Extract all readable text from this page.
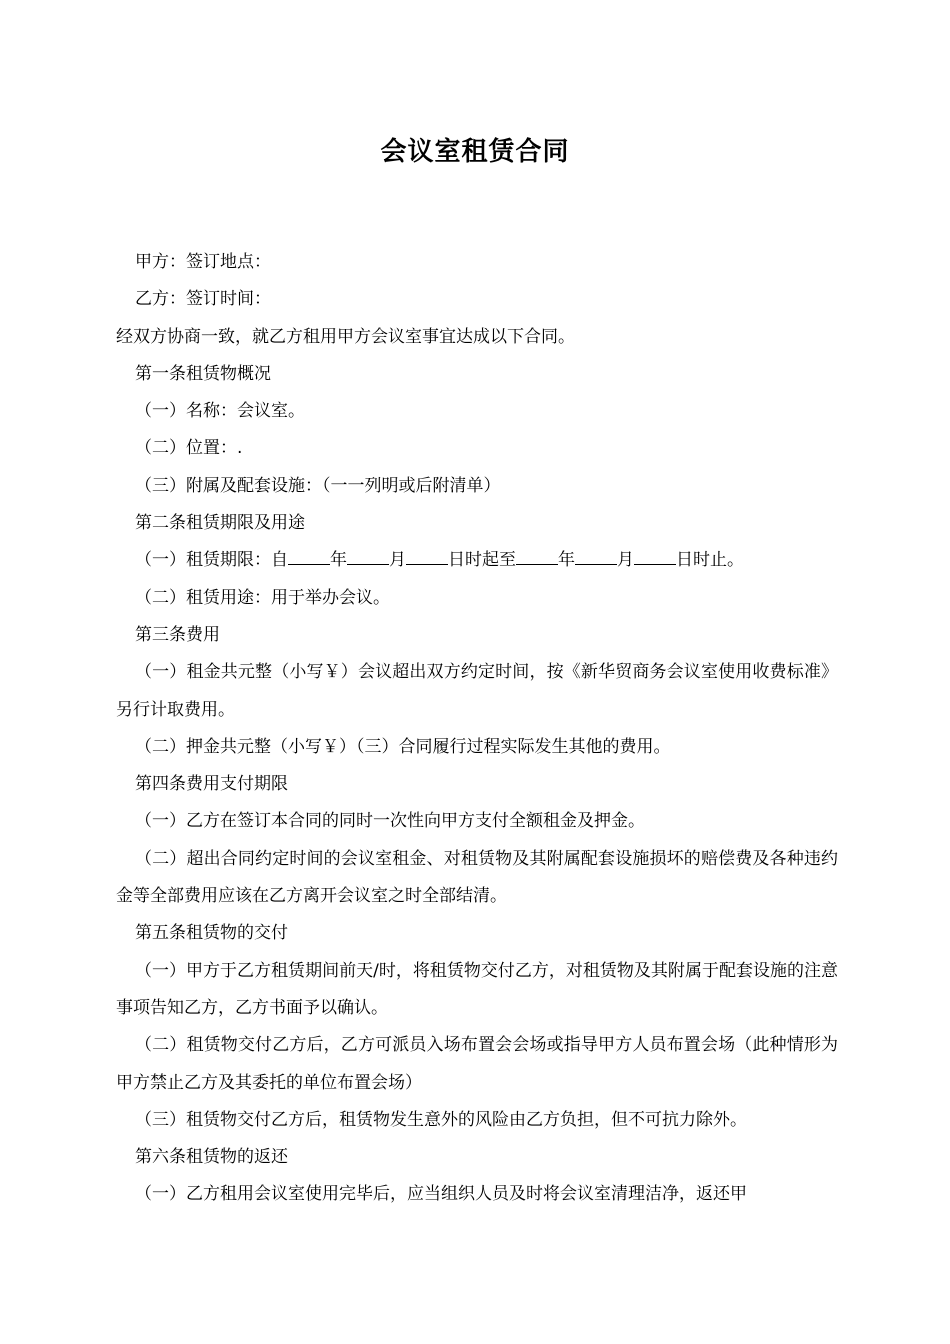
会议室租赁合同

甲方：签订地点：

乙方：签订时间：

经双方协商一致，就乙方租用甲方会议室事宜达成以下合同。

第一条租赁物概况

（一）名称：会议室。

（二）位置：.

（三）附属及配套设施：（一一列明或后附清单）

第二条租赁期限及用途

（一）租赁期限：自 年 月 日时起至 年 月 日时止。

（二）租赁用途：用于举办会议。

第三条费用

（一）租金共元整（小写￥）会议超出双方约定时间，按《新华贸商务会议室使用收费标准》另行计取费用。

（二）押金共元整（小写￥）（三）合同履行过程实际发生其他的费用。

第四条费用支付期限

（一）乙方在签订本合同的同时一次性向甲方支付全额租金及押金。

（二）超出合同约定时间的会议室租金、对租赁物及其附属配套设施损坏的赔偿费及各种违约金等全部费用应该在乙方离开会议室之时全部结清。

第五条租赁物的交付

（一）甲方于乙方租赁期间前天/时，将租赁物交付乙方，对租赁物及其附属于配套设施的注意事项告知乙方，乙方书面予以确认。

（二）租赁物交付乙方后，乙方可派员入场布置会会场或指导甲方人员布置会场（此种情形为甲方禁止乙方及其委托的单位布置会场）

（三）租赁物交付乙方后，租赁物发生意外的风险由乙方负担，但不可抗力除外。

第六条租赁物的返还

（一）乙方租用会议室使用完毕后，应当组织人员及时将会议室清理洁净，返还甲
